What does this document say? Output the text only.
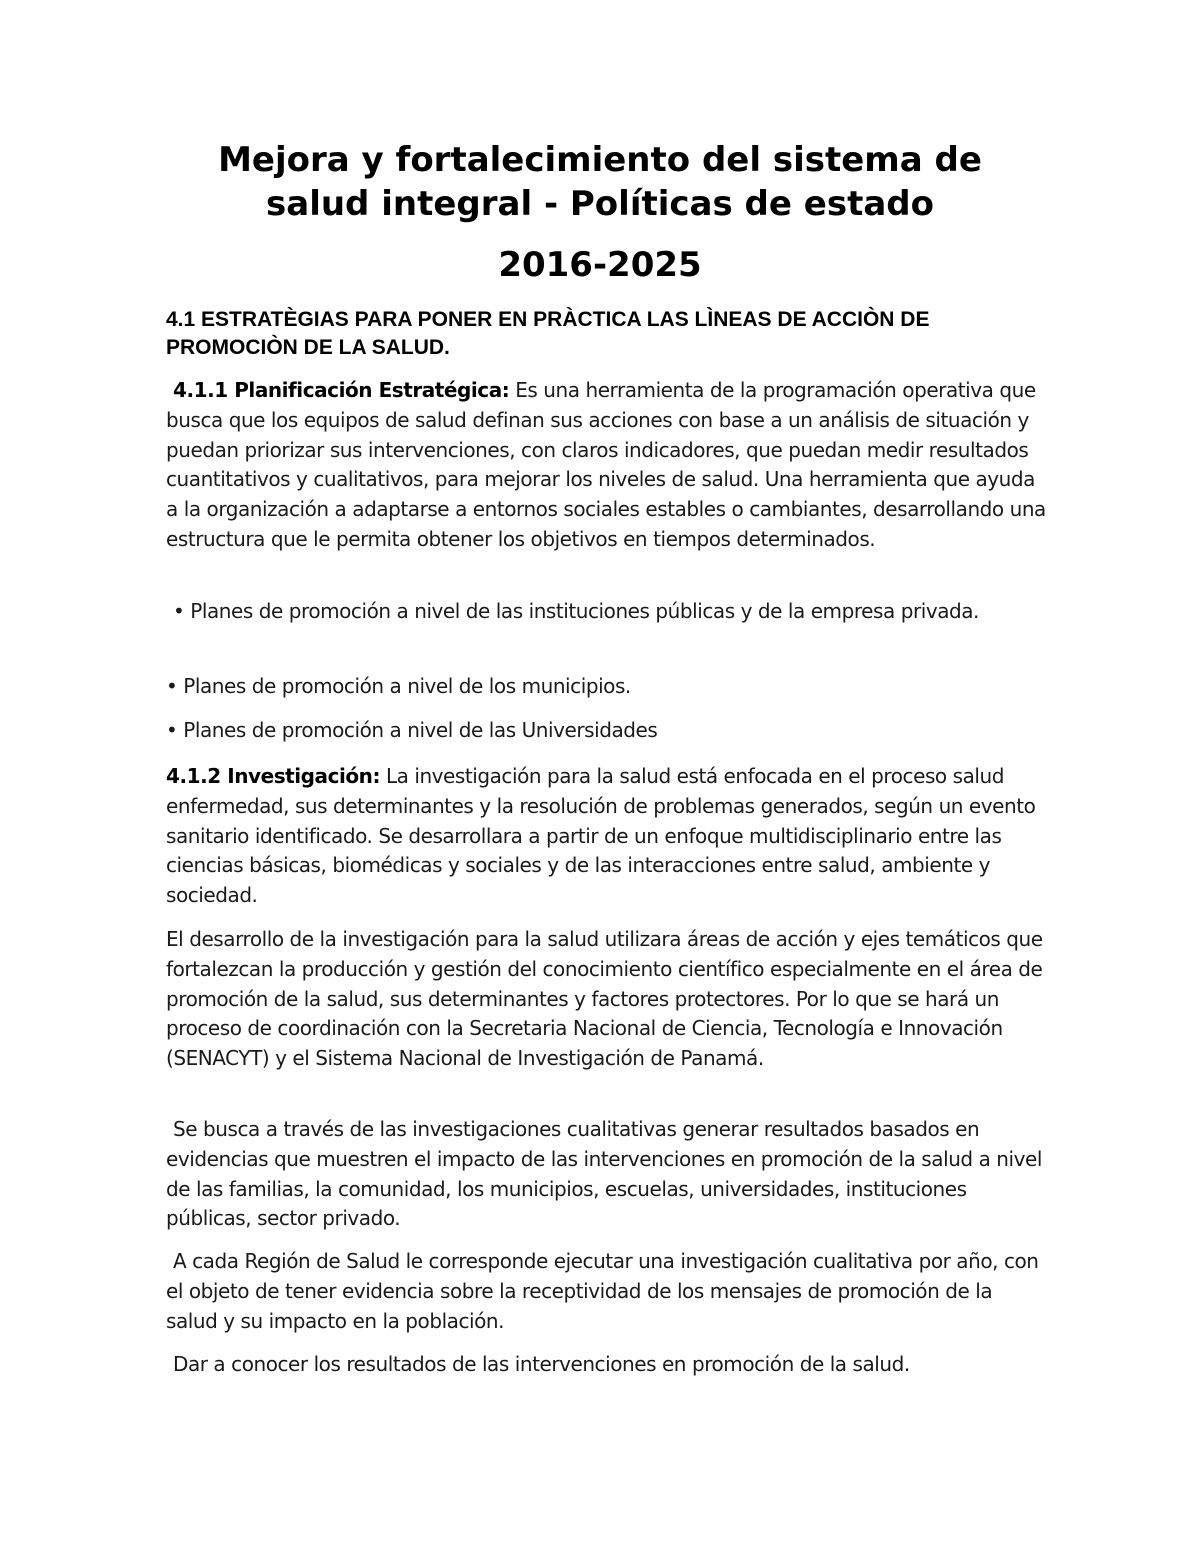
Mejora y fortalecimiento del sistema de
salud integral - Políticas de estado
2016-2025
4.1 ESTRATÈGIAS PARA PONER EN PRÀCTICA LAS LÌNEAS DE ACCIÒN DE
PROMOCIÒN DE LA SALUD.

4.1.1 Planificación Estratégica: Es una herramienta de la programación operativa que busca que los equipos de salud definan sus acciones con base a un análisis de situación y puedan priorizar sus intervenciones, con claros indicadores, que puedan medir resultados cuantitativos y cualitativos, para mejorar los niveles de salud. Una herramienta que ayuda a la organización a adaptarse a entornos sociales estables o cambiantes, desarrollando una estructura que le permita obtener los objetivos en tiempos determinados.

• Planes de promoción a nivel de las instituciones públicas y de la empresa privada.

• Planes de promoción a nivel de los municipios.

• Planes de promoción a nivel de las Universidades

4.1.2 Investigación: La investigación para la salud está enfocada en el proceso salud enfermedad, sus determinantes y la resolución de problemas generados, según un evento sanitario identificado. Se desarrollara a partir de un enfoque multidisciplinario entre las ciencias básicas, biomédicas y sociales y de las interacciones entre salud, ambiente y sociedad.

El desarrollo de la investigación para la salud utilizara áreas de acción y ejes temáticos que fortalezcan la producción y gestión del conocimiento científico especialmente en el área de promoción de la salud, sus determinantes y factores protectores. Por lo que se hará un proceso de coordinación con la Secretaria Nacional de Ciencia, Tecnología e Innovación (SENACYT) y el Sistema Nacional de Investigación de Panamá.

Se busca a través de las investigaciones cualitativas generar resultados basados en evidencias que muestren el impacto de las intervenciones en promoción de la salud a nivel de las familias, la comunidad, los municipios, escuelas, universidades, instituciones públicas, sector privado.

A cada Región de Salud le corresponde ejecutar una investigación cualitativa por año, con el objeto de tener evidencia sobre la receptividad de los mensajes de promoción de la salud y su impacto en la población.

Dar a conocer los resultados de las intervenciones en promoción de la salud.
